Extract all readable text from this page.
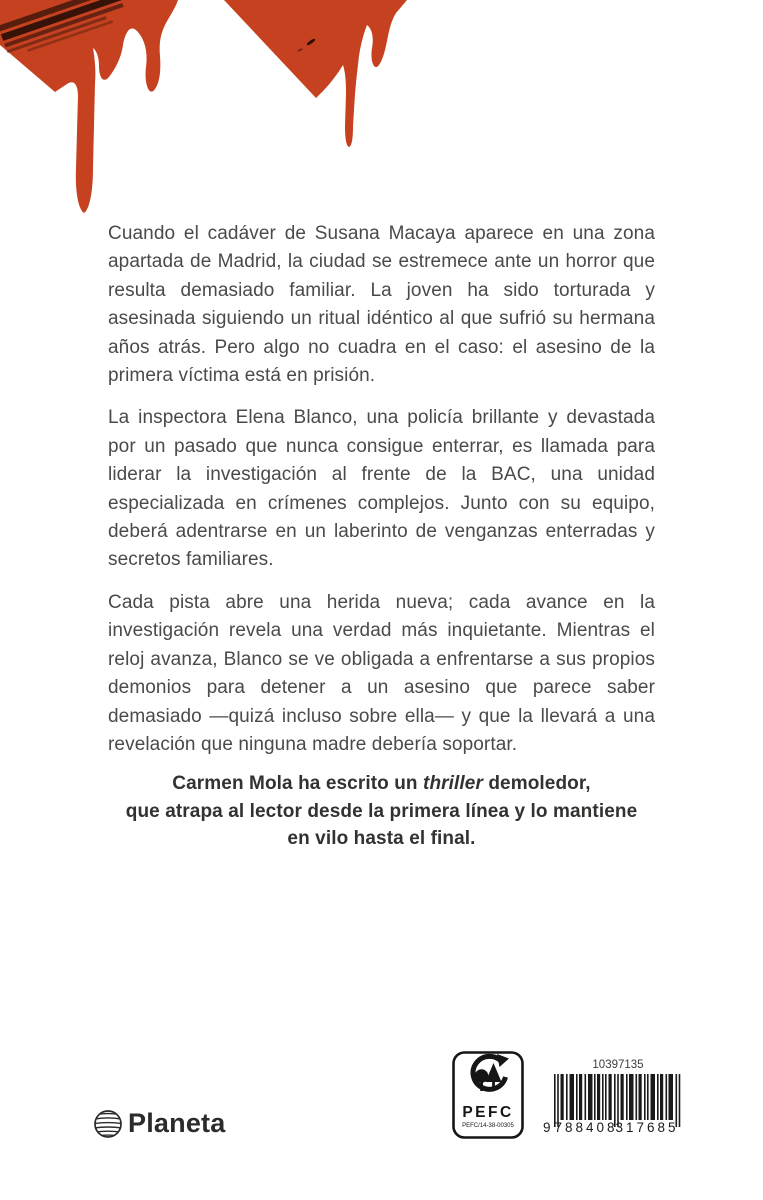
Cuando el cadáver de Susana Macaya aparece en una zona apartada de Madrid, la ciudad se estremece ante un horror que resulta demasiado familiar. La joven ha sido torturada y asesinada siguiendo un ritual idéntico al que sufrió su hermana años atrás. Pero algo no cuadra en el caso: el asesino de la primera víctima está en prisión.

La inspectora Elena Blanco, una policía brillante y devastada por un pasado que nunca consigue enterrar, es llamada para liderar la investigación al frente de la BAC, una unidad especializada en crímenes complejos. Junto con su equipo, deberá adentrarse en un laberinto de venganzas enterradas y secretos familiares.

Cada pista abre una herida nueva; cada avance en la investigación revela una verdad más inquietante. Mientras el reloj avanza, Blanco se ve obligada a enfrentarse a sus propios demonios para detener a un asesino que parece saber demasiado —quizá incluso sobre ella— y que la llevará a una revelación que ninguna madre debería soportar.

Carmen Mola ha escrito un thriller demoledor,
que atrapa al lector desde la primera línea y lo mantiene
en vilo hasta el final.
Planeta	PEFC
PEFC/14-38-00305
10397135
9 788408
317685
